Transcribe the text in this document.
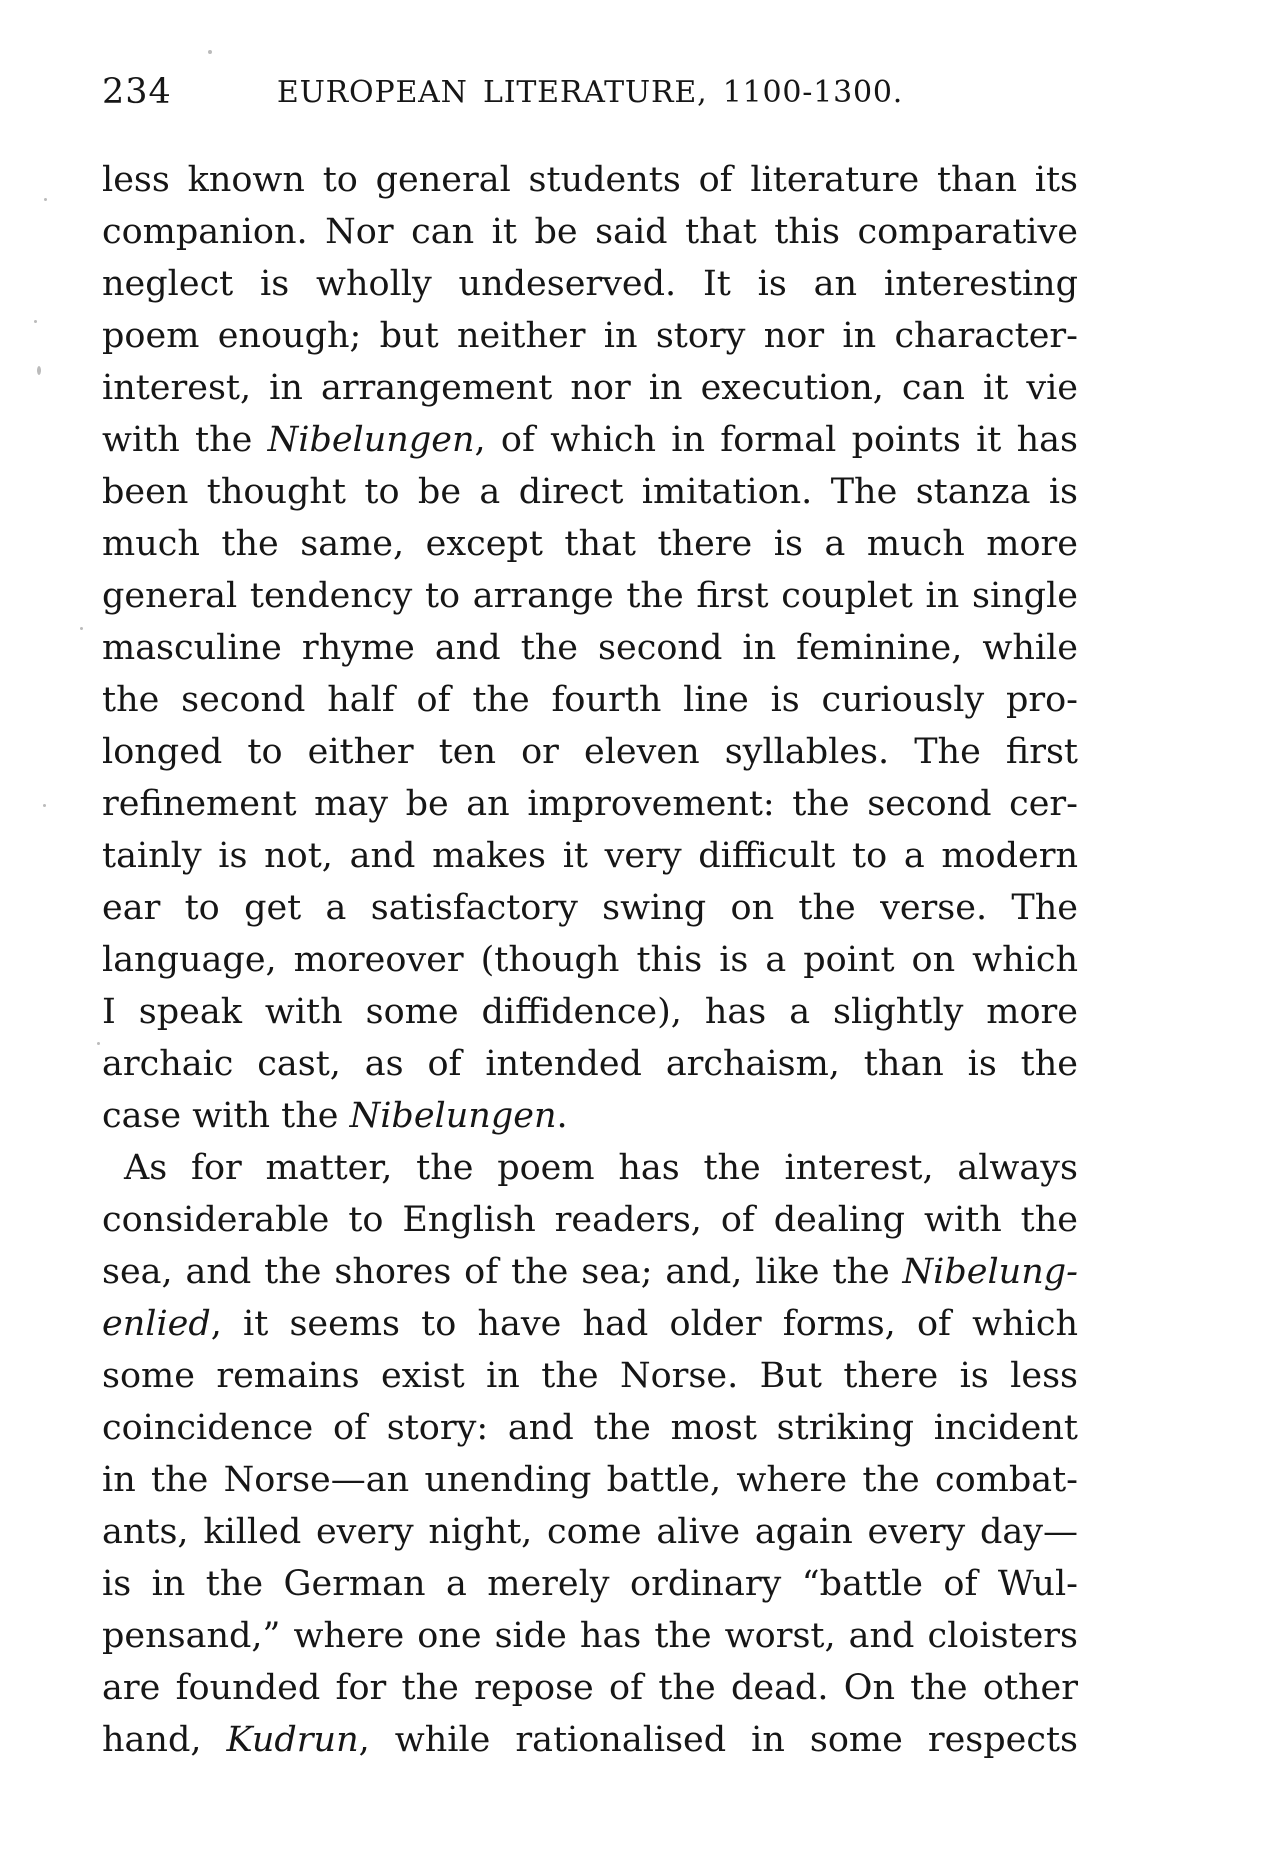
234	EUROPEAN LITERATURE, 1100-1300.
less known to general students of literature than its
companion. Nor can it be said that this comparative
neglect is wholly undeserved. It is an interesting
poem enough; but neither in story nor in character-
interest, in arrangement nor in execution, can it vie
with the Nibelungen, of which in formal points it has
been thought to be a direct imitation. The stanza is
much the same, except that there is a much more
general tendency to arrange the first couplet in single
masculine rhyme and the second in feminine, while
the second half of the fourth line is curiously pro-
longed to either ten or eleven syllables. The first
refinement may be an improvement: the second cer-
tainly is not, and makes it very difficult to a modern
ear to get a satisfactory swing on the verse. The
language, moreover (though this is a point on which
I speak with some diffidence), has a slightly more
archaic cast, as of intended archaism, than is the
case with the Nibelungen.
As for matter, the poem has the interest, always
considerable to English readers, of dealing with the
sea, and the shores of the sea; and, like the Nibelung-
enlied, it seems to have had older forms, of which
some remains exist in the Norse. But there is less
coincidence of story: and the most striking incident
in the Norse—an unending battle, where the combat-
ants, killed every night, come alive again every day—
is in the German a merely ordinary “battle of Wul-
pensand,” where one side has the worst, and cloisters
are founded for the repose of the dead. On the other
hand, Kudrun, while rationalised in some respects
